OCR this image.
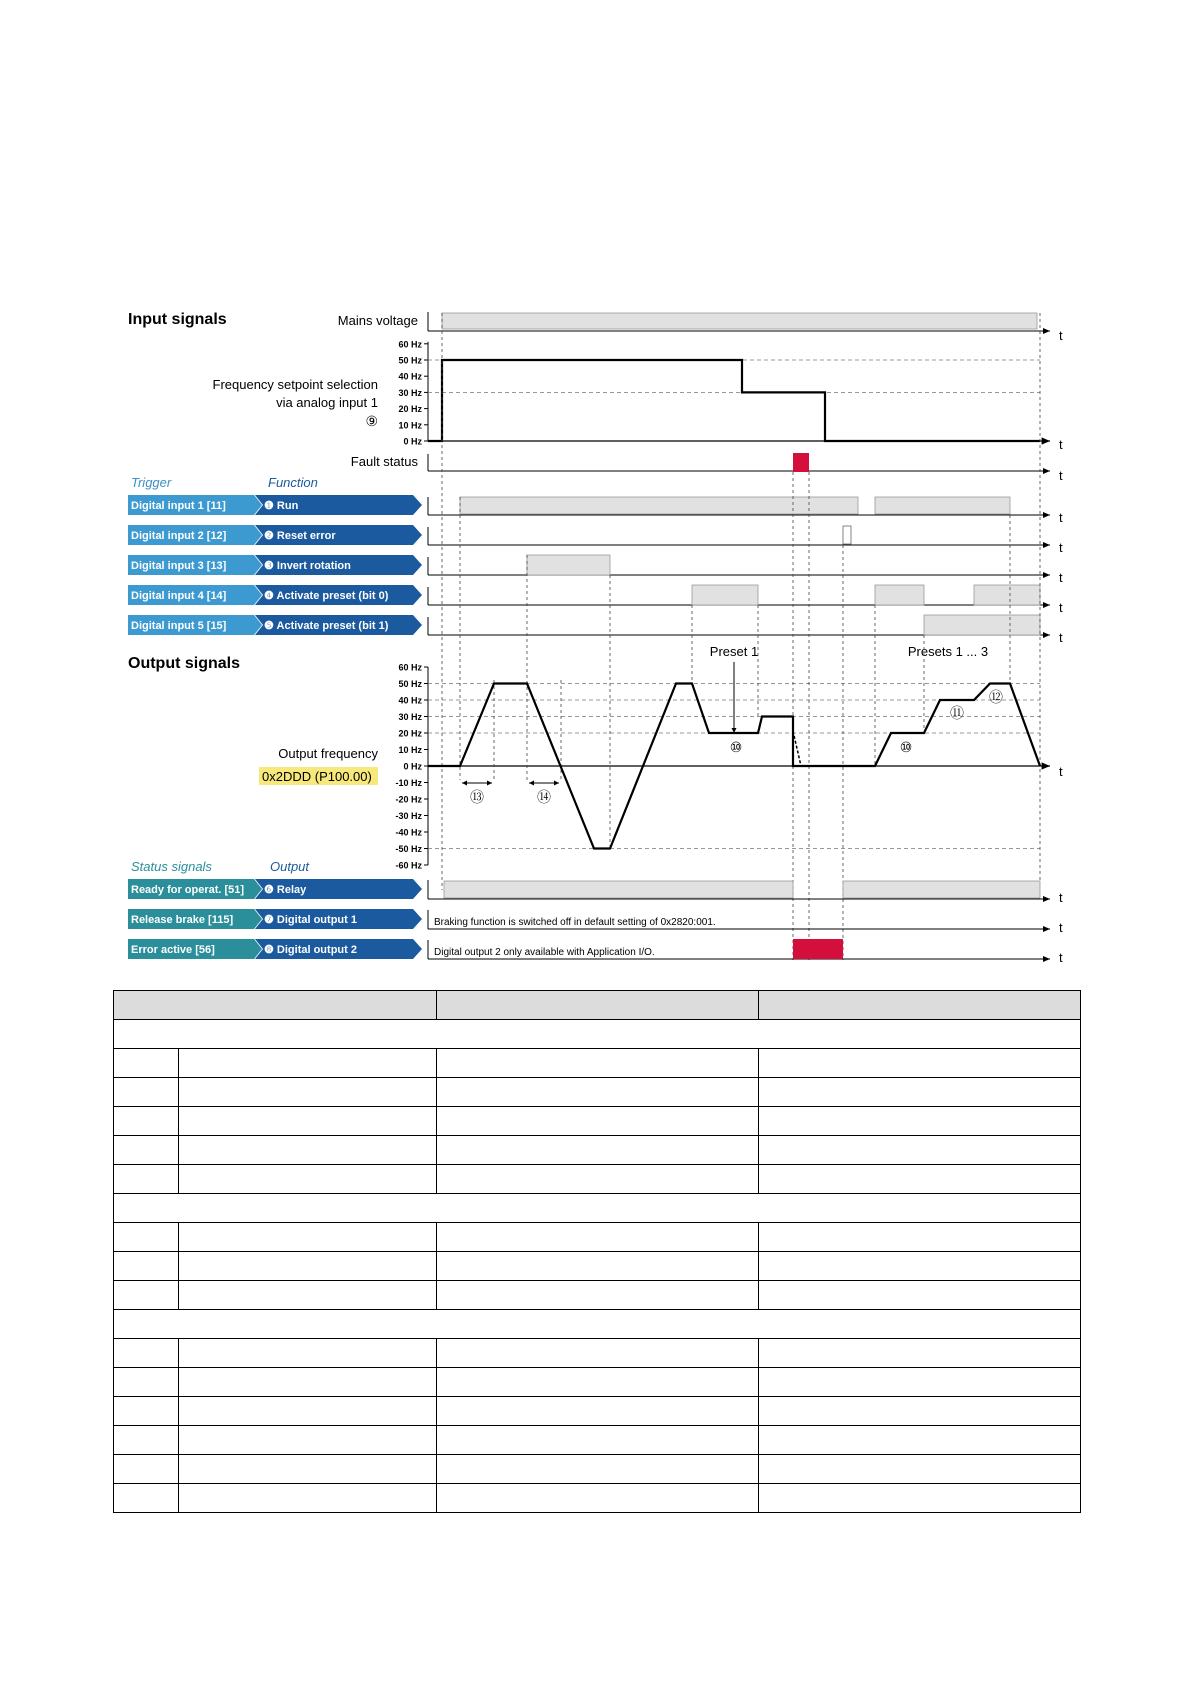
Input signals
Output signals
Mains voltage
Frequency setpoint selection
via analog input 1
⑨
60 Hz
50 Hz
40 Hz
30 Hz
20 Hz
10 Hz
0 Hz
Fault status
Trigger	Function
Digital input 1 [11]	❶ Run
Digital input 2 [12]	❷ Reset error
Digital input 3 [13]	❸ Invert rotation
Digital input 4 [14]	❹ Activate preset (bit 0)
Digital input 5 [15]	❺ Activate preset (bit 1)
t
t
t
t
t
t
t
t
t
t
t
t
Preset 1	Presets 1 ... 3
Output frequency
0x2DDD (P100.00)
60 Hz
50 Hz
40 Hz
30 Hz
20 Hz
10 Hz
0 Hz
-10 Hz
-20 Hz
-30 Hz
-40 Hz
-50 Hz
-60 Hz
⑬	⑭
⑩	⑩
⑪
⑫
Status signals	Output
Ready for operat. [51] ❻ Relay
Release brake [115]	❼ Digital output 1	Braking function is switched off in default setting of 0x2820:001.
Error active [56]	❽ Digital output 2	Digital output 2 only available with Application I/O.
